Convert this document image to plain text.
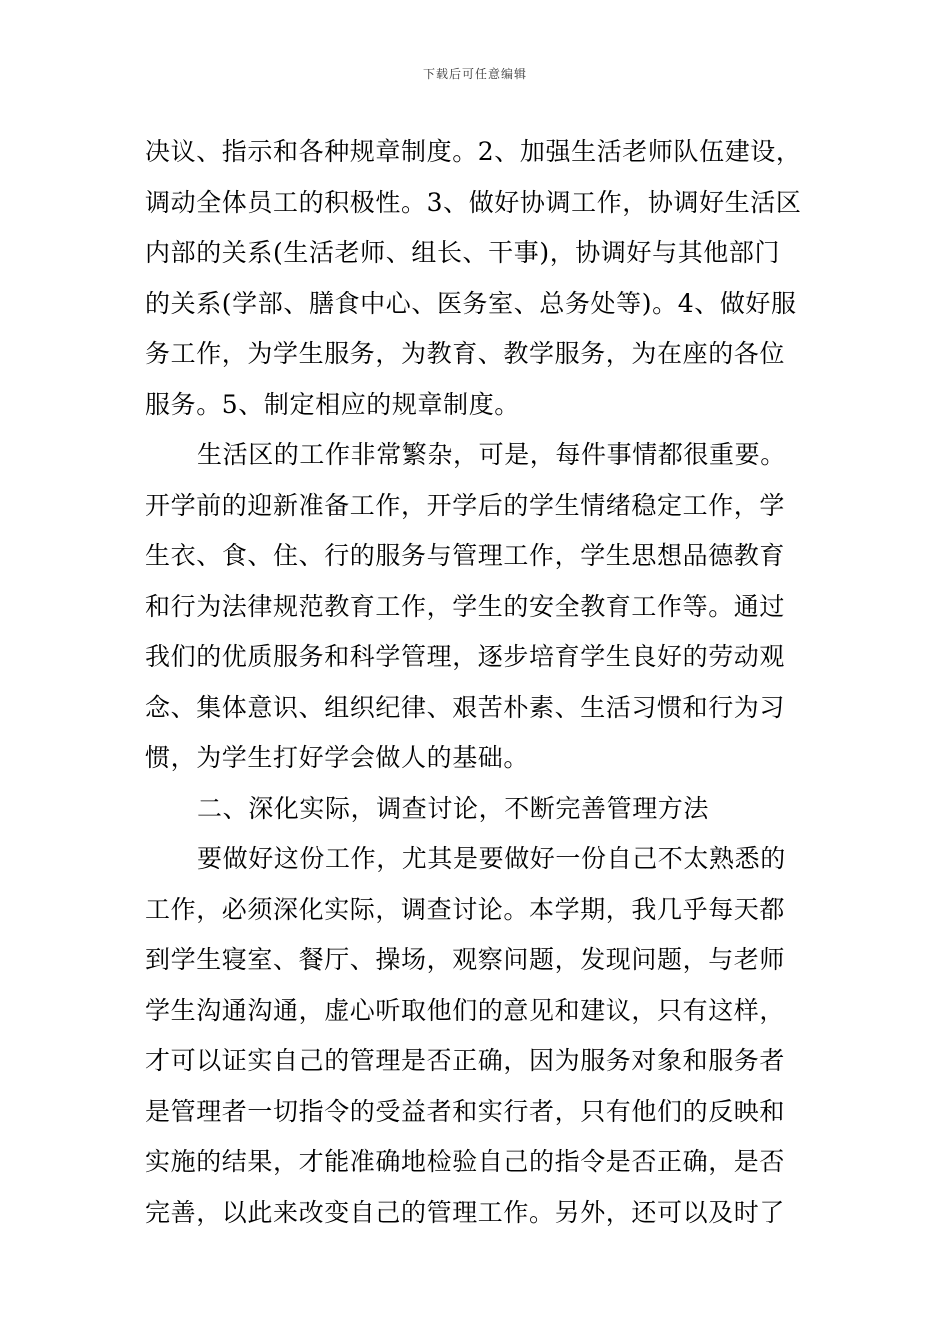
下载后可任意编辑
决议、指示和各种规章制度。2、加强生活老师队伍建设，
调动全体员工的积极性。3、做好协调工作，协调好生活区
内部的关系(生活老师、组长、干事)，协调好与其他部门
的关系(学部、膳食中心、医务室、总务处等)。4、做好服
务工作，为学生服务，为教育、教学服务，为在座的各位
服务。5、制定相应的规章制度。
生活区的工作非常繁杂，可是，每件事情都很重要。
开学前的迎新准备工作，开学后的学生情绪稳定工作，学
生衣、食、住、行的服务与管理工作，学生思想品德教育
和行为法律规范教育工作，学生的安全教育工作等。通过
我们的优质服务和科学管理，逐步培育学生良好的劳动观
念、集体意识、组织纪律、艰苦朴素、生活习惯和行为习
惯，为学生打好学会做人的基础。
二、深化实际，调查讨论，不断完善管理方法
要做好这份工作，尤其是要做好一份自己不太熟悉的
工作，必须深化实际，调查讨论。本学期，我几乎每天都
到学生寝室、餐厅、操场，观察问题，发现问题，与老师
学生沟通沟通，虚心听取他们的意见和建议，只有这样，
才可以证实自己的管理是否正确，因为服务对象和服务者
是管理者一切指令的受益者和实行者，只有他们的反映和
实施的结果，才能准确地检验自己的指令是否正确，是否
完善，以此来改变自己的管理工作。另外，还可以及时了
